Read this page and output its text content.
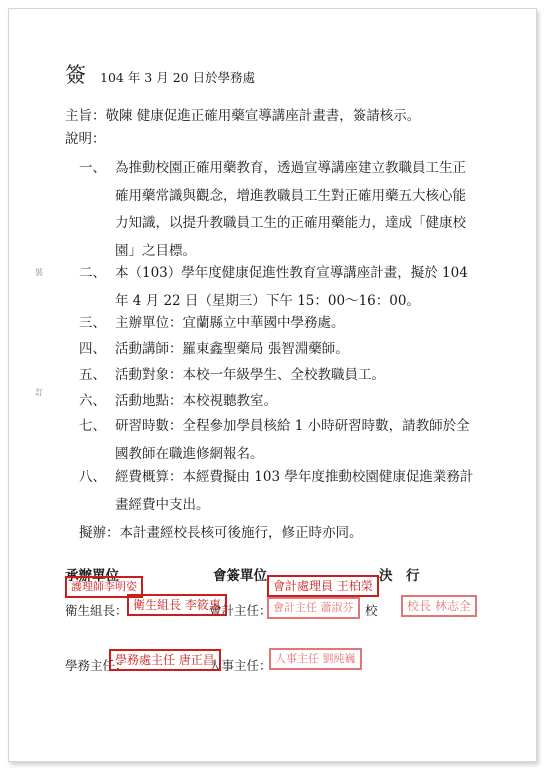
裝
訂
簽 104 年 3 月 20 日於學務處
主旨：敬陳 健康促進正確用藥宣導講座計畫書，簽請核示。
說明：
一、 為推動校園正確用藥教育，透過宣導講座建立教職員工生正
確用藥常識與觀念，增進教職員工生對正確用藥五大核心能
力知識，以提升教職員工生的正確用藥能力，達成「健康校
園」之目標。
二、 本（103）學年度健康促進性教育宣導講座計畫，擬於 104
年 4 月 22 日（星期三）下午 15：00～16：00。
三、 主辦單位：宜蘭縣立中華國中學務處。
四、 活動講師：羅東鑫聖藥局 張智淵藥師。
五、 活動對象：本校一年級學生、全校教職員工。
六、 活動地點：本校視聽教室。
七、 研習時數：全程參加學員核給 1 小時研習時數，請教師於全
國教師在職進修網報名。
八、 經費概算：本經費擬由 103 學年度推動校園健康促進業務計
畫經費中支出。
擬辦：本計畫經校長核可後施行，修正時亦同。
承辦單位	會簽單位	決　行
衛生組長：
學務主任：
會計主任：
人事主任：
校
護理師李明姿
衛生組長 李筱惠
學務處主任 唐正昌
會計處理員 王柏榮
會計主任 蕭淑芬
人事主任 劉純巍
校長 林志全
